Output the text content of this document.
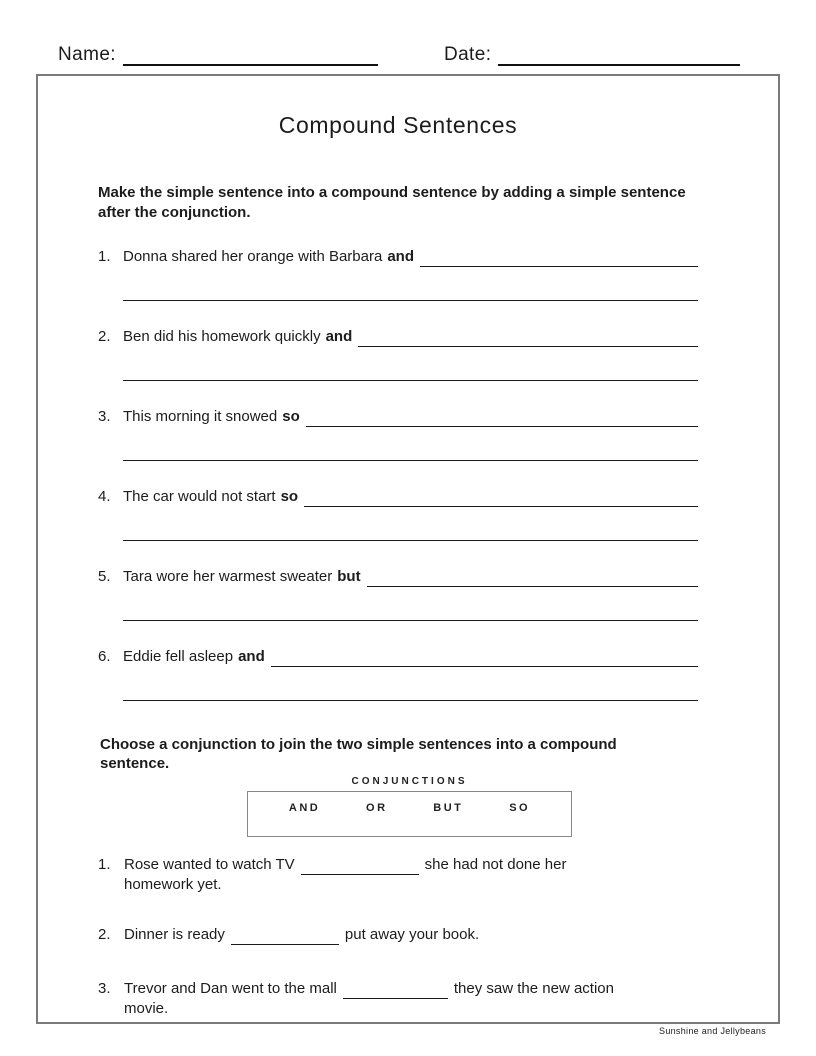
Name:	Date:
Compound Sentences
Make the simple sentence into a compound sentence by adding a simple sentence after the conjunction.
1. Donna shared her orange with Barbara and
2. Ben did his homework quickly and
3. This morning it snowed so
4. The car would not start so
5. Tara wore her warmest sweater but
6. Eddie fell asleep and
Choose a conjunction to join the two simple sentences into a compound sentence.
CONJUNCTIONS
AND	OR	BUT	SO
1. Rose wanted to watch TV	she had not done her
homework yet.
2. Dinner is ready	put away your book.
3. Trevor and Dan went to the mall	they saw the new action
movie.
Sunshine and Jellybeans
